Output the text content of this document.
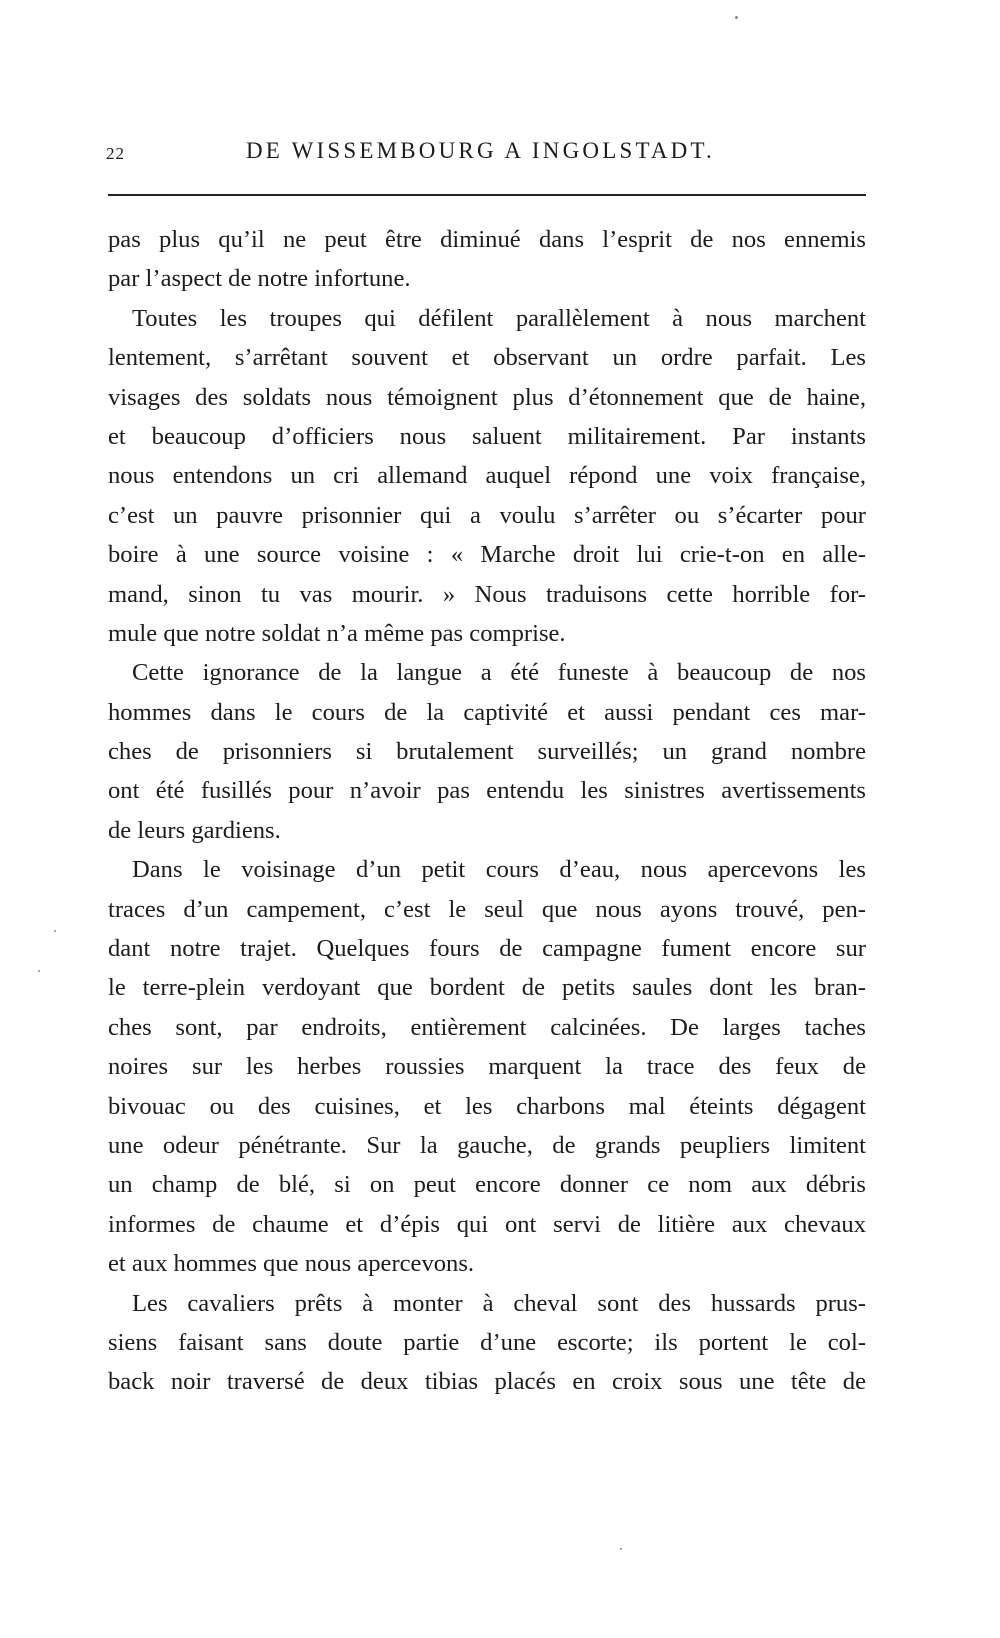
22	DE WISSEMBOURG A INGOLSTADT.
pas plus qu’il ne peut être diminué dans l’esprit de nos ennemis
par l’aspect de notre infortune.
Toutes les troupes qui défilent parallèlement à nous marchent
lentement, s’arrêtant souvent et observant un ordre parfait. Les
visages des soldats nous témoignent plus d’étonnement que de haine,
et beaucoup d’officiers nous saluent militairement. Par instants
nous entendons un cri allemand auquel répond une voix française,
c’est un pauvre prisonnier qui a voulu s’arrêter ou s’écarter pour
boire à une source voisine : « Marche droit lui crie-t-on en alle-
mand, sinon tu vas mourir. » Nous traduisons cette horrible for-
mule que notre soldat n’a même pas comprise.
Cette ignorance de la langue a été funeste à beaucoup de nos
hommes dans le cours de la captivité et aussi pendant ces mar-
ches de prisonniers si brutalement surveillés; un grand nombre
ont été fusillés pour n’avoir pas entendu les sinistres avertissements
de leurs gardiens.
Dans le voisinage d’un petit cours d’eau, nous apercevons les
traces d’un campement, c’est le seul que nous ayons trouvé, pen-
dant notre trajet. Quelques fours de campagne fument encore sur
le terre-plein verdoyant que bordent de petits saules dont les bran-
ches sont, par endroits, entièrement calcinées. De larges taches
noires sur les herbes roussies marquent la trace des feux de
bivouac ou des cuisines, et les charbons mal éteints dégagent
une odeur pénétrante. Sur la gauche, de grands peupliers limitent
un champ de blé, si on peut encore donner ce nom aux débris
informes de chaume et d’épis qui ont servi de litière aux chevaux
et aux hommes que nous apercevons.
Les cavaliers prêts à monter à cheval sont des hussards prus-
siens faisant sans doute partie d’une escorte; ils portent le col-
back noir traversé de deux tibias placés en croix sous une tête de
